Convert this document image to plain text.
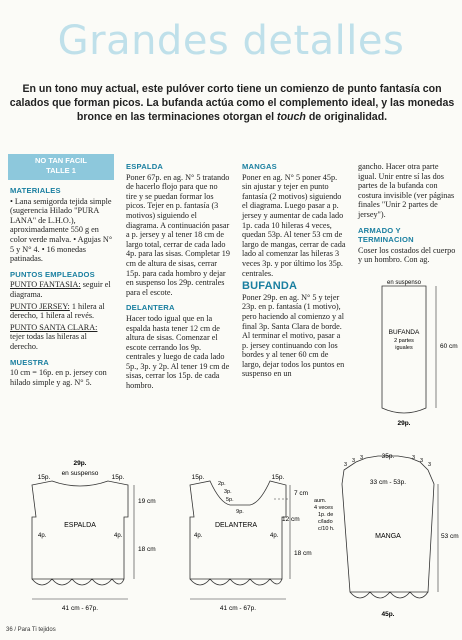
Grandes detalles
En un tono muy actual, este pulóver corto tiene un comienzo de punto fantasía con calados que forman picos. La bufanda actúa como el complemento ideal, y las monedas bronce en las terminaciones otorgan el touch de originalidad.
NO TAN FACIL
TALLE 1
MATERIALES

• Lana semigorda tejida simple (sugerencia Hilado "PURA LANA" de L.H.O.), aproximadamente 550 g en color verde malva. • Agujas N° 5 y N° 4. • 16 monedas patinadas.

PUNTOS EMPLEADOS

PUNTO FANTASIA: seguir el diagrama.

PUNTO JERSEY: 1 hilera al derecho, 1 hilera al revés.

PUNTO SANTA CLARA: tejer todas las hileras al derecho.

MUESTRA

10 cm = 16p. en p. jersey con hilado simple y ag. N° 5.

ESPALDA

Poner 67p. en ag. N° 5 tratando de hacerlo flojo para que no tire y se puedan formar los picos. Tejer en p. fantasía (3 motivos) siguiendo el diagrama. A continuación pasar a p. jersey y al tener 18 cm de largo total, cerrar de cada lado 4p. para las sisas. Completar 19 cm de altura de sisas, cerrar 15p. para cada hombro y dejar en suspenso los 29p. centrales para el escote.

DELANTERA

Hacer todo igual que en la espalda hasta tener 12 cm de altura de sisas. Comenzar el escote cerrando los 9p. centrales y luego de cada lado 5p., 3p. y 2p. Al tener 19 cm de sisas, cerrar los 15p. de cada hombro.

MANGAS

Poner en ag. N° 5 poner 45p. sin ajustar y tejer en punto fantasía (2 motivos) siguiendo el diagrama. Luego pasar a p. jersey y aumentar de cada lado 1p. cada 10 hileras 4 veces, quedan 53p. Al tener 53 cm de largo de mangas, cerrar de cada lado al comenzar las hileras 3 veces 3p. y por último los 35p. centrales.

BUFANDA

Poner 29p. en ag. N° 5 y tejer 23p. en p. fantasía (1 motivo), pero haciendo al comienzo y al final 3p. Santa Clara de borde. Al terminar el motivo, pasar a p. jersey continuando con los bordes y al tener 60 cm de largo, dejar todos los puntos en suspenso en un

gancho. Hacer otra parte igual. Unir entre sí las dos partes de la bufanda con costura invisible (ver páginas finales "Unir 2 partes de jersey").

ARMADO Y TERMINACION

Coser los costados del cuerpo y un hombro. Con ag.

en suspenso
BUFANDA
2 partes
iguales	60 cm
29p.
29p.
en suspenso
15p.	15p.
4p.	4p.
ESPALDA
19 cm
18 cm
41 cm - 67p.
15p.	15p.
2p.
3p.
5p.
9p.
4p.	4p.
DELANTERA
7 cm
12 cm
18 cm
41 cm - 67p.
35p.
3
3 3	3 3
3
33 cm - 53p.
aum.
4 veces
1p. de
c/lado
c/10 h.
MANGA	53 cm
45p.
36 / Para Ti tejidos
